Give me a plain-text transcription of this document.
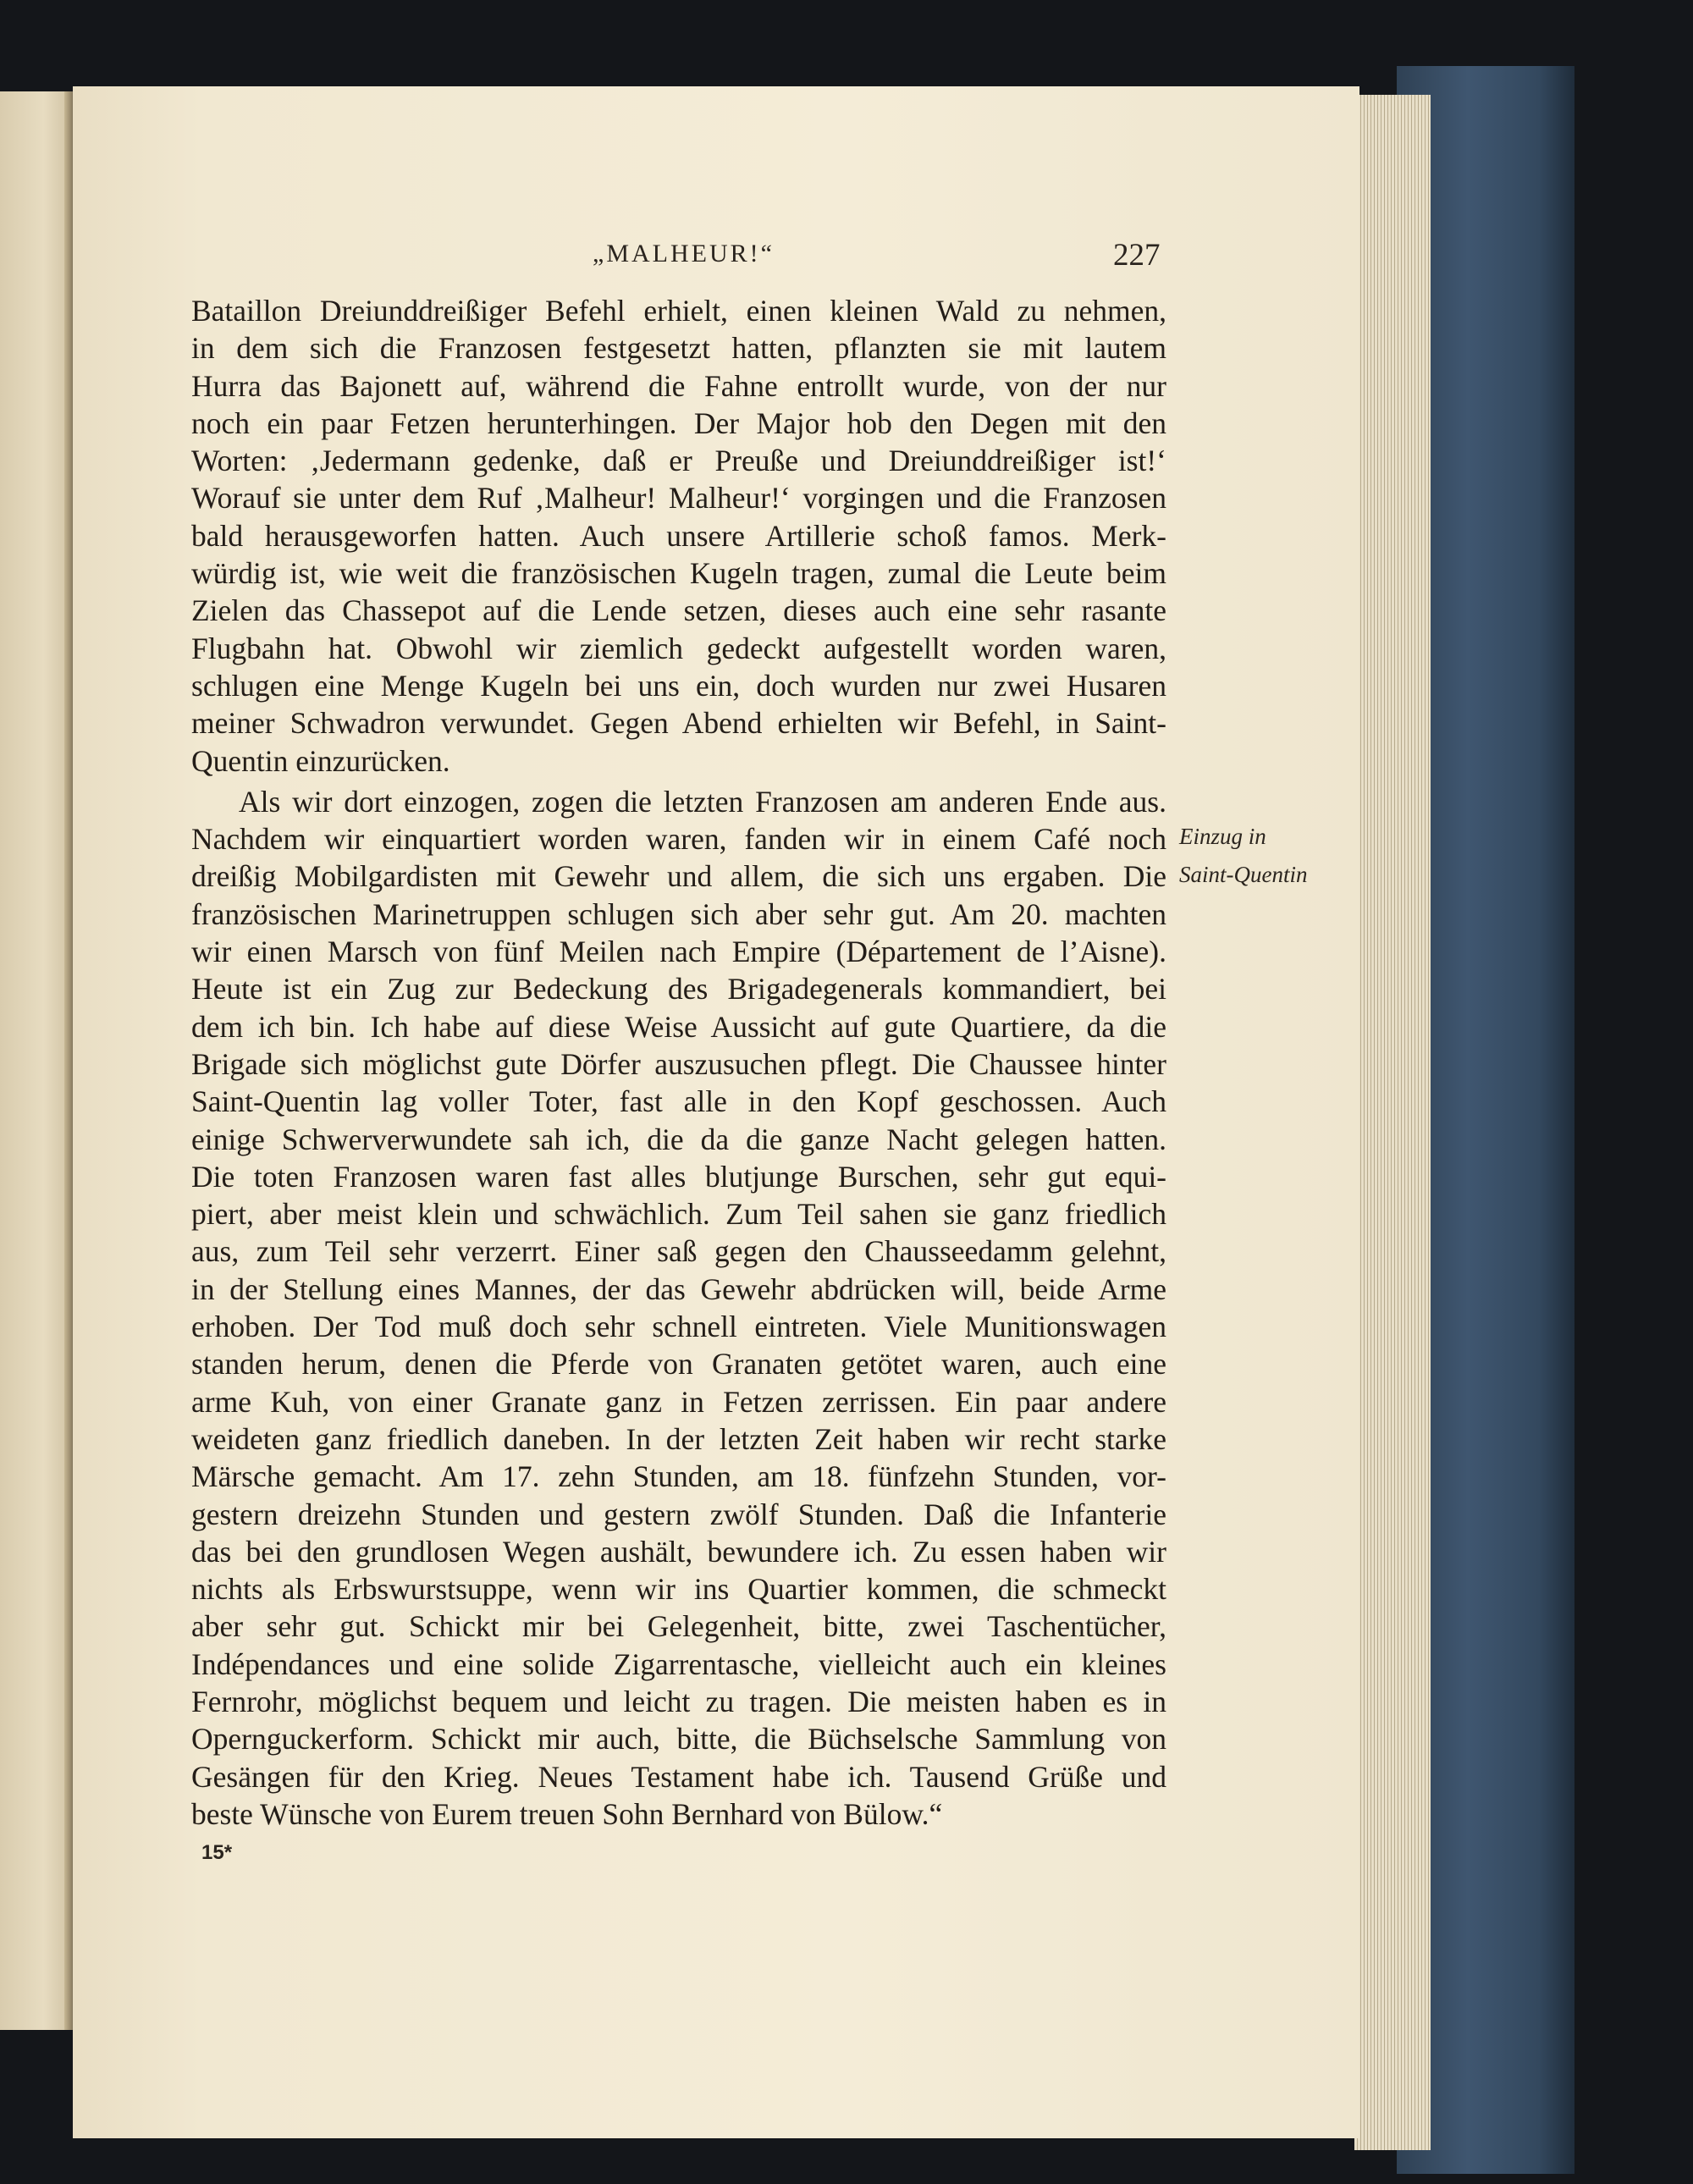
„MALHEUR!“	227
Bataillon Dreiunddreißiger Befehl erhielt, einen kleinen Wald zu nehmen,
in dem sich die Franzosen festgesetzt hatten, pflanzten sie mit lautem
Hurra das Bajonett auf, während die Fahne entrollt wurde, von der nur
noch ein paar Fetzen herunterhingen. Der Major hob den Degen mit den
Worten: ‚Jedermann gedenke, daß er Preuße und Dreiunddreißiger ist!‘
Worauf sie unter dem Ruf ‚Malheur! Malheur!‘ vorgingen und die Franzosen
bald herausgeworfen hatten. Auch unsere Artillerie schoß famos. Merk-
würdig ist, wie weit die französischen Kugeln tragen, zumal die Leute beim
Zielen das Chassepot auf die Lende setzen, dieses auch eine sehr rasante
Flugbahn hat. Obwohl wir ziemlich gedeckt aufgestellt worden waren,
schlugen eine Menge Kugeln bei uns ein, doch wurden nur zwei Husaren
meiner Schwadron verwundet. Gegen Abend erhielten wir Befehl, in Saint-
Quentin einzurücken.
Als wir dort einzogen, zogen die letzten Franzosen am anderen Ende aus.
Nachdem wir einquartiert worden waren, fanden wir in einem Café noch
dreißig Mobilgardisten mit Gewehr und allem, die sich uns ergaben. Die
französischen Marinetruppen schlugen sich aber sehr gut. Am 20. machten
wir einen Marsch von fünf Meilen nach Empire (Département de l’Aisne).
Heute ist ein Zug zur Bedeckung des Brigadegenerals kommandiert, bei
dem ich bin. Ich habe auf diese Weise Aussicht auf gute Quartiere, da die
Brigade sich möglichst gute Dörfer auszusuchen pflegt. Die Chaussee hinter
Saint-Quentin lag voller Toter, fast alle in den Kopf geschossen. Auch
einige Schwerverwundete sah ich, die da die ganze Nacht gelegen hatten.
Die toten Franzosen waren fast alles blutjunge Burschen, sehr gut equi-
piert, aber meist klein und schwächlich. Zum Teil sahen sie ganz friedlich
aus, zum Teil sehr verzerrt. Einer saß gegen den Chausseedamm gelehnt,
in der Stellung eines Mannes, der das Gewehr abdrücken will, beide Arme
erhoben. Der Tod muß doch sehr schnell eintreten. Viele Munitionswagen
standen herum, denen die Pferde von Granaten getötet waren, auch eine
arme Kuh, von einer Granate ganz in Fetzen zerrissen. Ein paar andere
weideten ganz friedlich daneben. In der letzten Zeit haben wir recht starke
Märsche gemacht. Am 17. zehn Stunden, am 18. fünfzehn Stunden, vor-
gestern dreizehn Stunden und gestern zwölf Stunden. Daß die Infanterie
das bei den grundlosen Wegen aushält, bewundere ich. Zu essen haben wir
nichts als Erbswurstsuppe, wenn wir ins Quartier kommen, die schmeckt
aber sehr gut. Schickt mir bei Gelegenheit, bitte, zwei Taschentücher,
Indépendances und eine solide Zigarrentasche, vielleicht auch ein kleines
Fernrohr, möglichst bequem und leicht zu tragen. Die meisten haben es in
Opernguckerform. Schickt mir auch, bitte, die Büchselsche Sammlung von
Gesängen für den Krieg. Neues Testament habe ich. Tausend Grüße und
beste Wünsche von Eurem treuen Sohn Bernhard von Bülow.“
Einzug in
Saint-Quentin
15*
